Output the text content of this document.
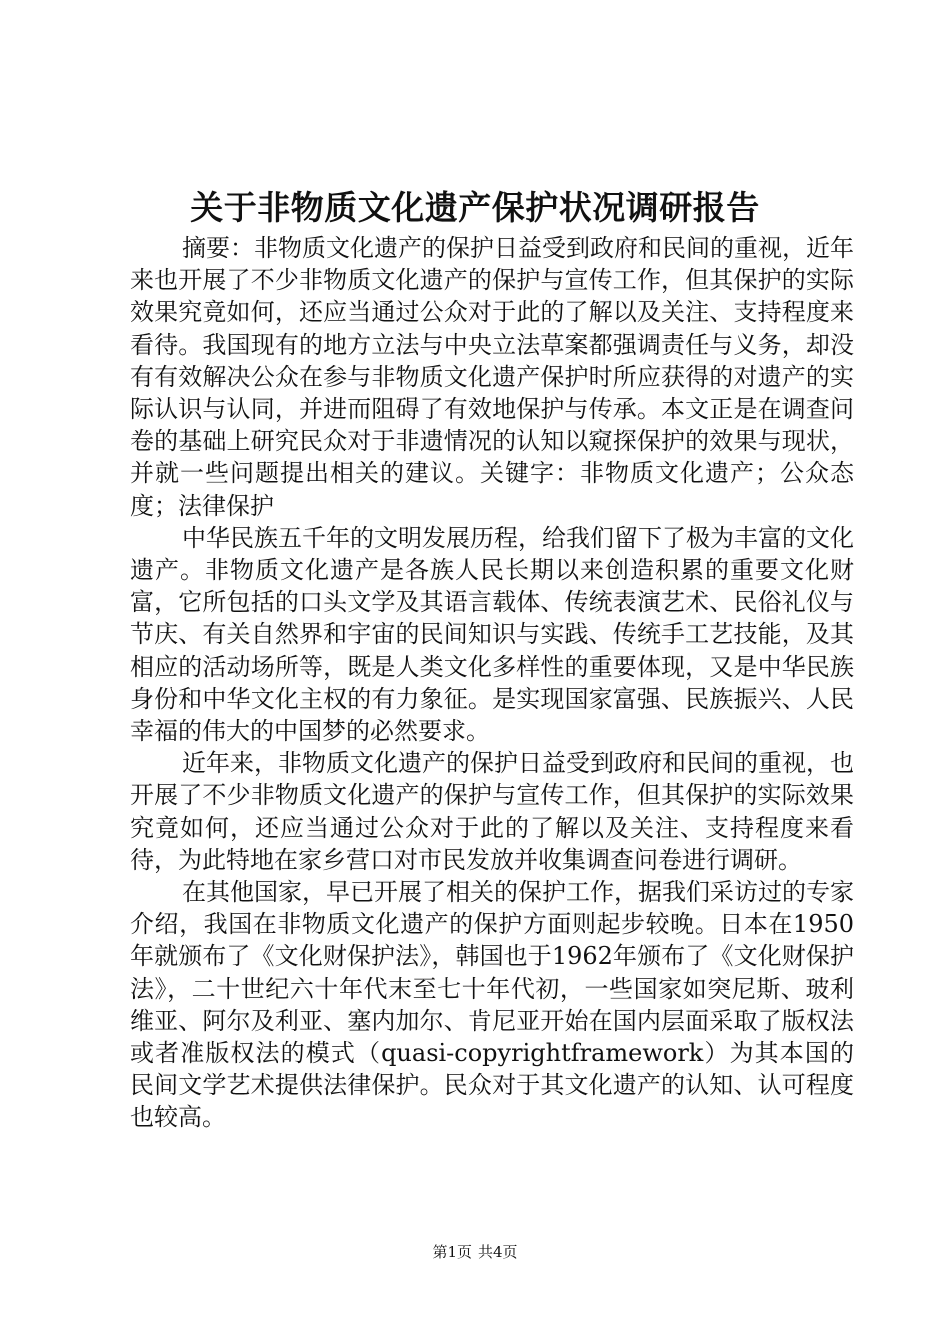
关于非物质文化遗产保护状况调研报告

摘要：非物质文化遗产的保护日益受到政府和民间的重视，近年来也开展了不少非物质文化遗产的保护与宣传工作，但其保护的实际效果究竟如何，还应当通过公众对于此的了解以及关注、支持程度来看待。我国现有的地方立法与中央立法草案都强调责任与义务，却没有有效解决公众在参与非物质文化遗产保护时所应获得的对遗产的实际认识与认同，并进而阻碍了有效地保护与传承。本文正是在调查问卷的基础上研究民众对于非遗情况的认知以窥探保护的效果与现状，并就一些问题提出相关的建议。关键字：非物质文化遗产；公众态度；法律保护

中华民族五千年的文明发展历程，给我们留下了极为丰富的文化遗产。非物质文化遗产是各族人民长期以来创造积累的重要文化财富，它所包括的口头文学及其语言载体、传统表演艺术、民俗礼仪与节庆、有关自然界和宇宙的民间知识与实践、传统手工艺技能，及其相应的活动场所等，既是人类文化多样性的重要体现，又是中华民族身份和中华文化主权的有力象征。是实现国家富强、民族振兴、人民幸福的伟大的中国梦的必然要求。

近年来，非物质文化遗产的保护日益受到政府和民间的重视，也开展了不少非物质文化遗产的保护与宣传工作，但其保护的实际效果究竟如何，还应当通过公众对于此的了解以及关注、支持程度来看待，为此特地在家乡营口对市民发放并收集调查问卷进行调研。

在其他国家，早已开展了相关的保护工作，据我们采访过的专家介绍，我国在非物质文化遗产的保护方面则起步较晚。日本在1950年就颁布了《文化财保护法》，韩国也于1962年颁布了《文化财保护法》，二十世纪六十年代末至七十年代初，一些国家如突尼斯、玻利维亚、阿尔及利亚、塞内加尔、肯尼亚开始在国内层面采取了版权法或者准版权法的模式（quasi-copyrightframework）为其本国的民间文学艺术提供法律保护。民众对于其文化遗产的认知、认可程度也较高。

第1页 共4页
